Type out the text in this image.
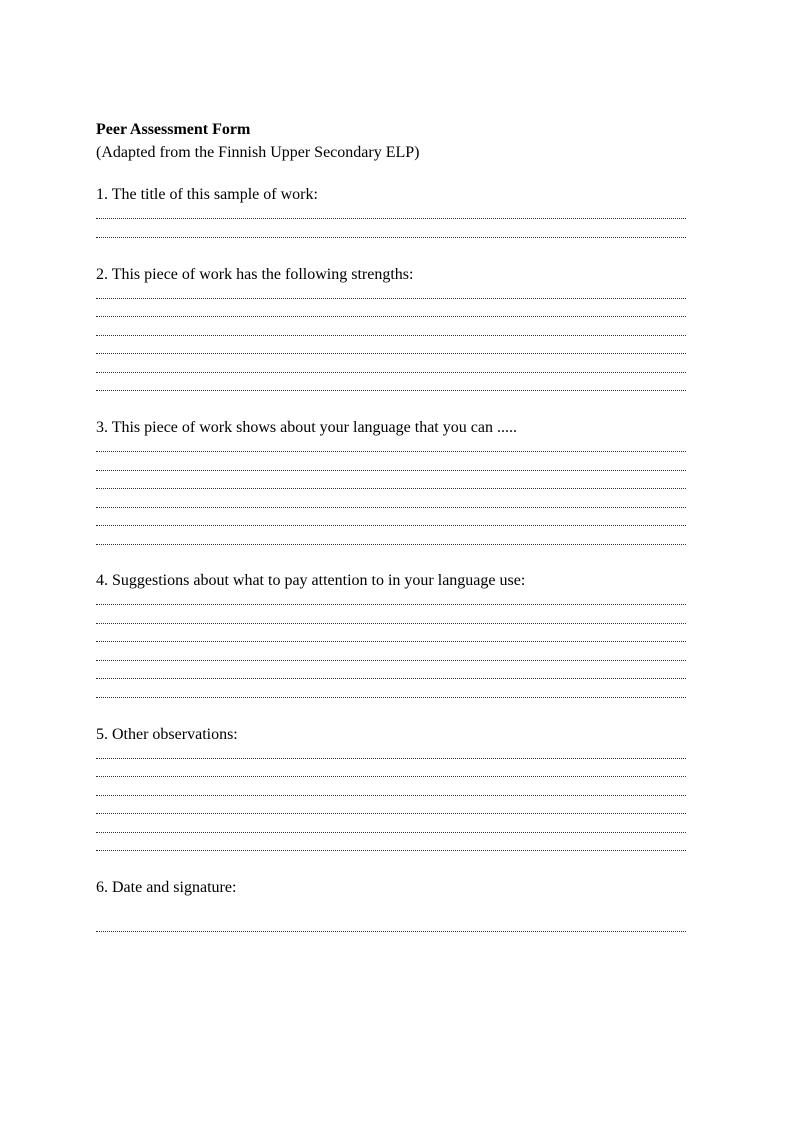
Peer Assessment Form
(Adapted from the Finnish Upper Secondary ELP)
1. The title of this sample of work:
2. This piece of work has the following strengths:
3. This piece of work shows about your language that you can .....
4. Suggestions about what to pay attention to in your language use:
5. Other observations:
6. Date and signature:
